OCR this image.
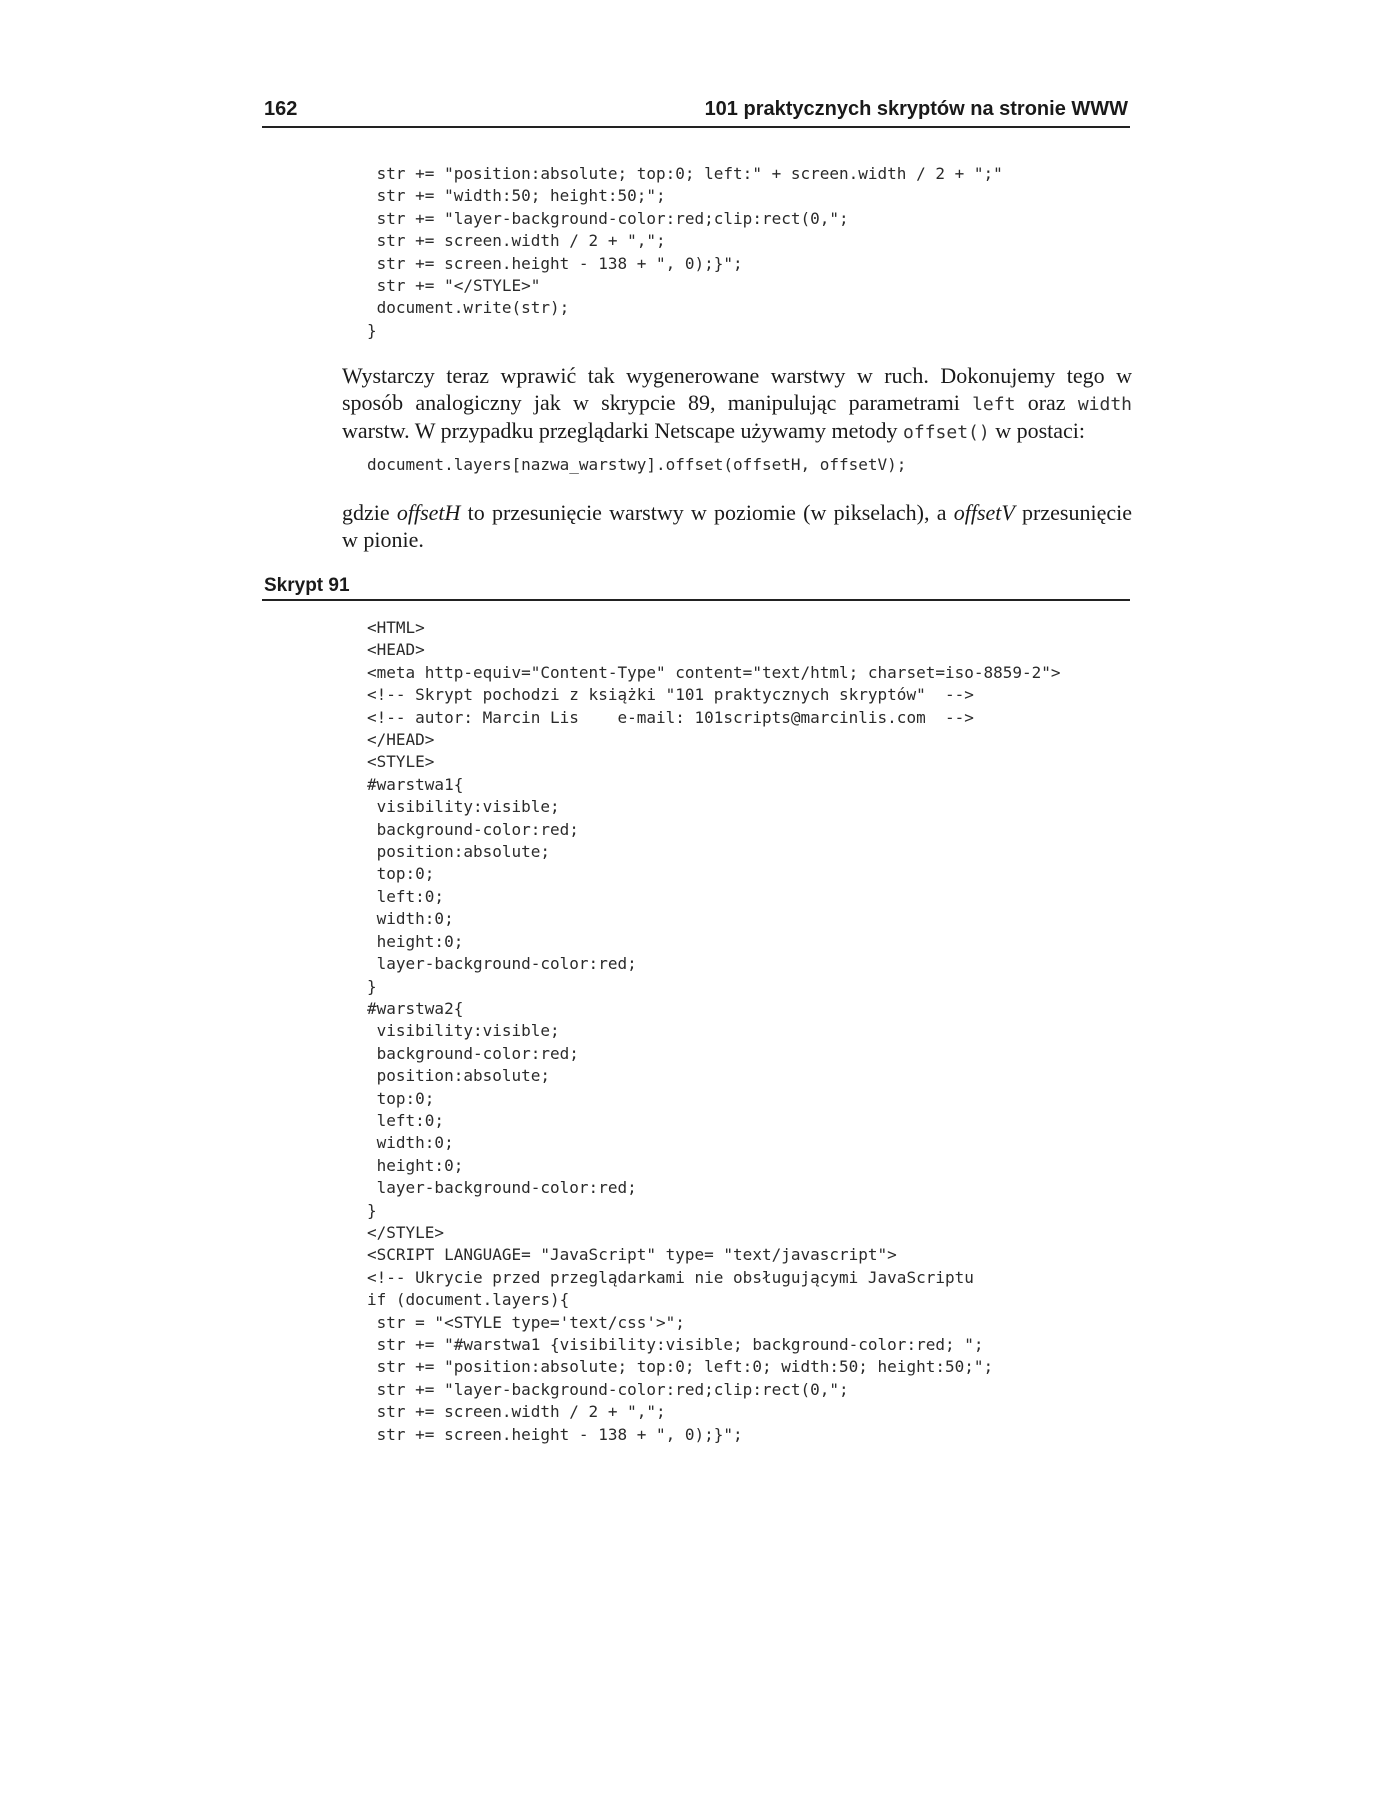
162	101 praktycznych skryptów na stronie WWW
str += "position:absolute; top:0; left:" + screen.width / 2 + ";"
str += "width:50; height:50;";
str += "layer-background-color:red;clip:rect(0,";
str += screen.width / 2 + ",";
str += screen.height - 138 + ", 0);}";
str += "</STYLE>"
document.write(str);
}
Wystarczy teraz wprawić tak wygenerowane warstwy w ruch. Dokonujemy tego w sposób analogiczny jak w skrypcie 89, manipulując parametrami left oraz width warstw. W przypadku przeglądarki Netscape używamy metody offset() w postaci:
document.layers[nazwa_warstwy].offset(offsetH, offsetV);
gdzie offsetH to przesunięcie warstwy w poziomie (w pikselach), a offsetV przesunięcie w pionie.
Skrypt 91
<HTML>
<HEAD>
<meta http-equiv="Content-Type" content="text/html; charset=iso-8859-2">
<!-- Skrypt pochodzi z książki "101 praktycznych skryptów"  -->
<!-- autor: Marcin Lis    e-mail: 101scripts@marcinlis.com  -->
</HEAD>
<STYLE>
#warstwa1{
visibility:visible;
background-color:red;
position:absolute;
top:0;
left:0;
width:0;
height:0;
layer-background-color:red;
}
#warstwa2{
visibility:visible;
background-color:red;
position:absolute;
top:0;
left:0;
width:0;
height:0;
layer-background-color:red;
}
</STYLE>
<SCRIPT LANGUAGE= "JavaScript" type= "text/javascript">
<!-- Ukrycie przed przeglądarkami nie obsługującymi JavaScriptu
if (document.layers){
str = "<STYLE type='text/css'>";
str += "#warstwa1 {visibility:visible; background-color:red; ";
str += "position:absolute; top:0; left:0; width:50; height:50;";
str += "layer-background-color:red;clip:rect(0,";
str += screen.width / 2 + ",";
str += screen.height - 138 + ", 0);}";
